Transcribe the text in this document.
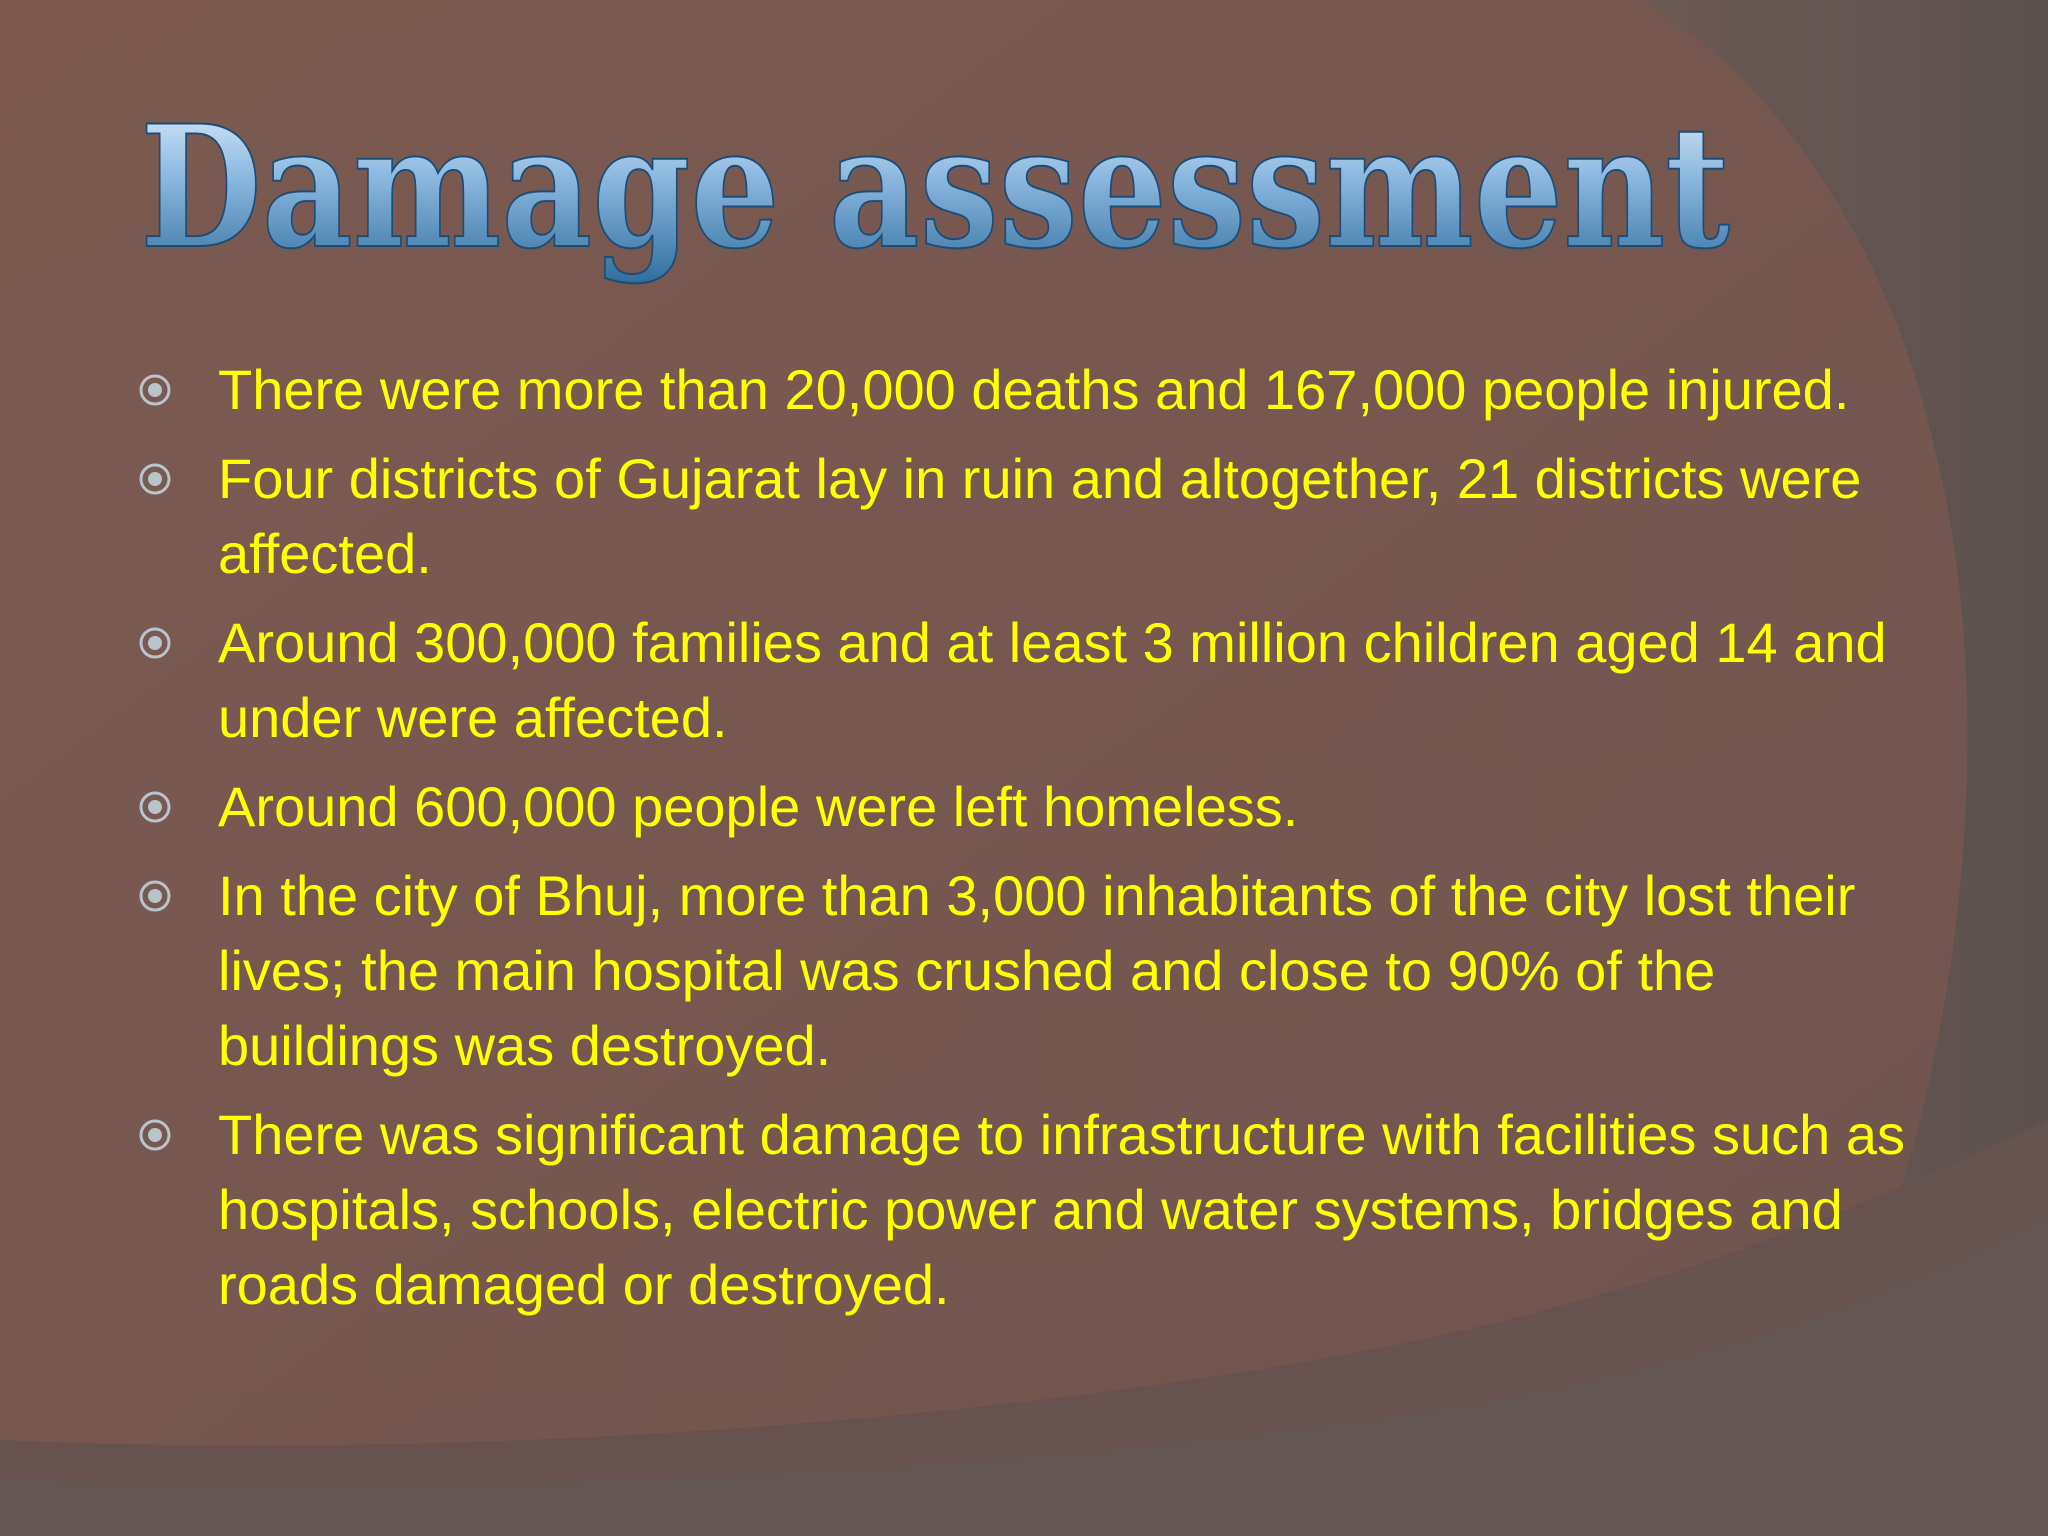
Damage assessment
There were more than 20,000 deaths and 167,000 people injured.
Four districts of Gujarat lay in ruin and altogether, 21 districts were affected.
Around 300,000 families and at least 3 million children aged 14 and under were affected.
Around 600,000 people were left homeless.
In the city of Bhuj, more than 3,000 inhabitants of the city lost their lives; the main hospital was crushed and close to 90% of the buildings was destroyed.
There was significant damage to infrastructure with facilities such as hospitals, schools, electric power and water systems, bridges and roads damaged or destroyed.
